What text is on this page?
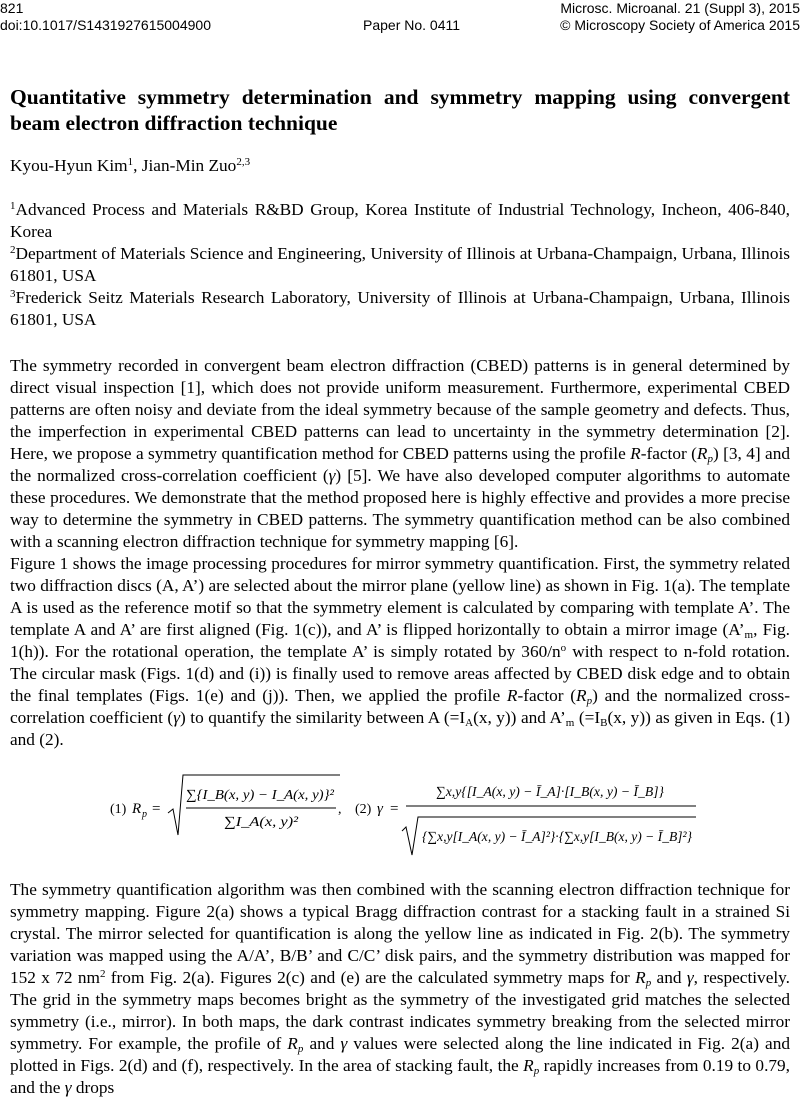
821	Microsc. Microanal. 21 (Suppl 3), 2015
doi:10.1017/S1431927615004900	Paper No. 0411	© Microscopy Society of America 2015
Quantitative symmetry determination and symmetry mapping using convergent beam electron diffraction technique
Kyou-Hyun Kim$^1$, Jian-Min Zuo$^{2,3}$

$^1$Advanced Process and Materials R&BD Group, Korea Institute of Industrial Technology, Incheon, 406-840, Korea

$^2$Department of Materials Science and Engineering, University of Illinois at Urbana-Champaign, Urbana, Illinois 61801, USA

$^3$Frederick Seitz Materials Research Laboratory, University of Illinois at Urbana-Champaign, Urbana, Illinois 61801, USA

The symmetry recorded in convergent beam electron diffraction (CBED) patterns is in general determined by direct visual inspection [1], which does not provide uniform measurement. Furthermore, experimental CBED patterns are often noisy and deviate from the ideal symmetry because of the sample geometry and defects. Thus, the imperfection in experimental CBED patterns can lead to uncertainty in the symmetry determination [2]. Here, we propose a symmetry quantification method for CBED patterns using the profile R-factor $(R_p)$ [3, 4] and the normalized cross-correlation coefficient (γ) [5]. We have also developed computer algorithms to automate these procedures. We demonstrate that the method proposed here is highly effective and provides a more precise way to determine the symmetry in CBED patterns. The symmetry quantification method can be also combined with a scanning electron diffraction technique for symmetry mapping [6].

Figure 1 shows the image processing procedures for mirror symmetry quantification. First, the symmetry related two diffraction discs (A, A’) are selected about the mirror plane (yellow line) as shown in Fig. 1(a). The template A is used as the reference motif so that the symmetry element is calculated by comparing with template A’. The template A and A’ are first aligned (Fig. 1(c)), and A’ is flipped horizontally to obtain a mirror image ($A’_m$, Fig. 1(h)). For the rotational operation, the template A’ is simply rotated by $360/n^o$ with respect to n-fold rotation. The circular mask (Figs. 1(d) and (i)) is finally used to remove areas affected by CBED disk edge and to obtain the final templates (Figs. 1(e) and (j)). Then, we applied the profile R-factor $(R_p)$ and the normalized cross-correlation coefficient (γ) to quantify the similarity between A ($=I_A(x$, y)) and $A’_m$ ($=I_B(x$, y)) as given in Eqs. (1) and (2).

(1) R p =
∑{I_B(x, y) − I_A(x, y)}²
∑I_A(x, y)²
, (2) γ =
∑x,y{[I_A(x, y) − Ī_A]·[I_B(x, y) − Ī_B]}
{∑x,y[I_A(x, y) − Ī_A]²}·{∑x,y[I_B(x, y) − Ī_B]²}

The symmetry quantification algorithm was then combined with the scanning electron diffraction technique for symmetry mapping. Figure 2(a) shows a typical Bragg diffraction contrast for a stacking fault in a strained Si crystal. The mirror selected for quantification is along the yellow line as indicated in Fig. 2(b). The symmetry variation was mapped using the A/A’, B/B’ and C/C’ disk pairs, and the symmetry distribution was mapped for 152 x 72 $nm^2$ from Fig. 2(a). Figures 2(c) and (e) are the calculated symmetry maps for $R_p$ and γ, respectively. The grid in the symmetry maps becomes bright as the symmetry of the investigated grid matches the selected symmetry (i.e., mirror). In both maps, the dark contrast indicates symmetry breaking from the selected mirror symmetry. For example, the profile of $R_p$ and γ values were selected along the line indicated in Fig. 2(a) and plotted in Figs. 2(d) and (f), respectively. In the area of stacking fault, the $R_p$ rapidly increases from 0.19 to 0.79, and the γ drops
